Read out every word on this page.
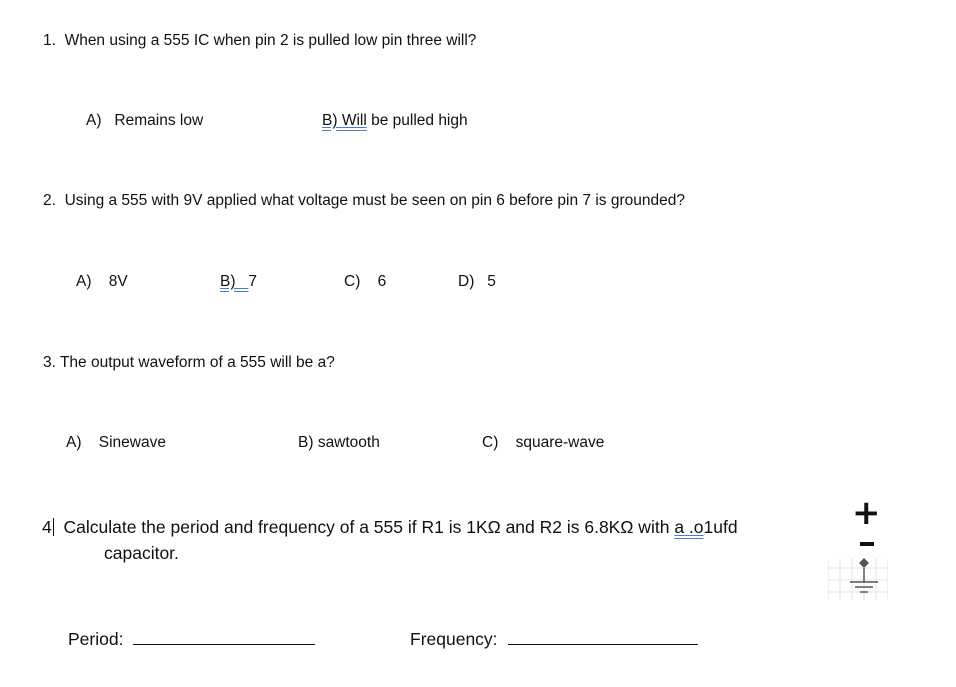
1. When using a 555 IC when pin 2 is pulled low pin three will?
A) Remains low	B) Will be pulled high
2. Using a 555 with 9V applied what voltage must be seen on pin 6 before pin 7 is grounded?
A) 8V	B) 7	C) 6	D) 5
3. The output waveform of a 555 will be a?
A) Sinewave	B) sawtooth	C) square-wave
4 Calculate the period and frequency of a 555 if R1 is 1KΩ and R2 is 6.8KΩ with a .o1ufd
capacitor.
Period:	Frequency:
+
